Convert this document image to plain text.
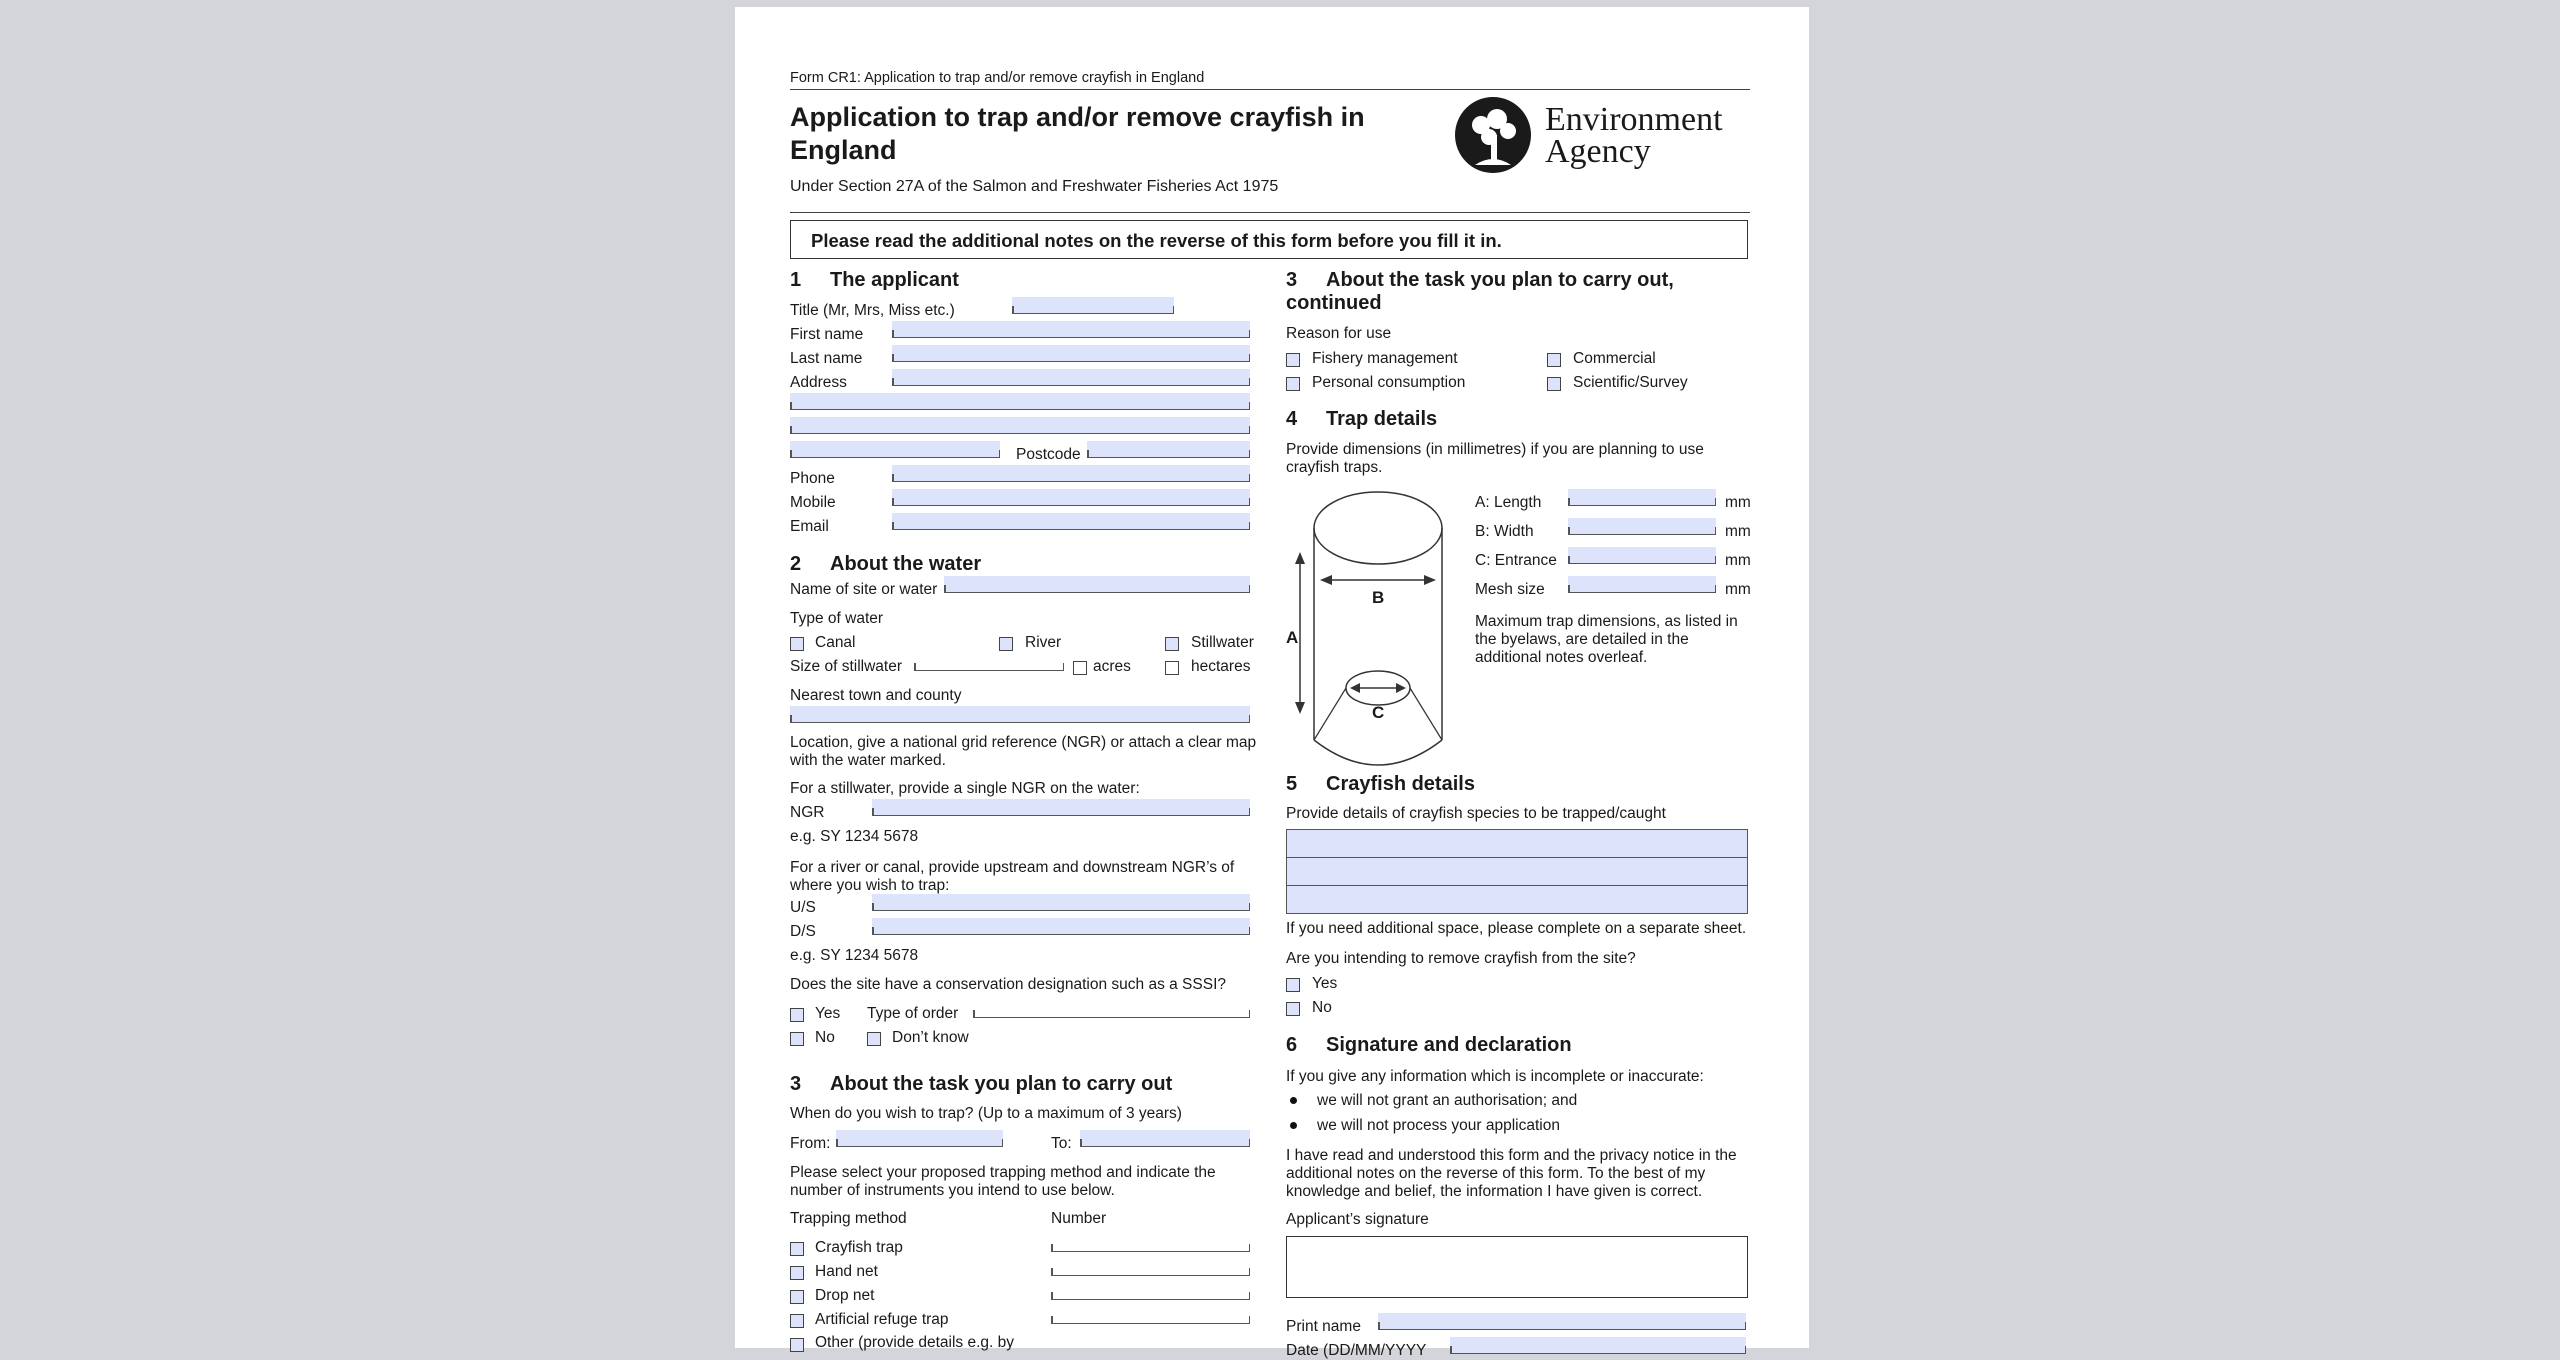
Form CR1: Application to trap and/or remove crayfish in England
Application to trap and/or remove crayfish in
England
Under Section 27A of the Salmon and Freshwater Fisheries Act 1975
Environment
Agency
Please read the additional notes on the reverse of this form before you fill it in.
1 The applicant
Title (Mr, Mrs, Miss etc.)
First name
Last name
Address
Postcode
Phone
Mobile
Email
2 About the water
Name of site or water
Type of water
Canal	River	Stillwater
Size of stillwater	acres	hectares
Nearest town and county
Location, give a national grid reference (NGR) or attach a clear map with the water marked.
For a stillwater, provide a single NGR on the water:
NGR
e.g. SY 1234 5678
For a river or canal, provide upstream and downstream NGR’s of where you wish to trap:
U/S
D/S
e.g. SY 1234 5678
Does the site have a conservation designation such as a SSSI?
Yes Type of order
No	Don’t know
3 About the task you plan to carry out
When do you wish to trap? (Up to a maximum of 3 years)
From:	To:
Please select your proposed trapping method and indicate the number of instruments you intend to use below.
Trapping method	Number
Crayfish trap
Hand net
Drop net
Artificial refuge trap
Other (provide details e.g. by
3 About the task you plan to carry out,
continued
Reason for use
Fishery management	Commercial
Personal consumption	Scientific/Survey
4 Trap details
Provide dimensions (in millimetres) if you are planning to use crayfish traps.
A
B
C
A: Length	mm
B: Width	mm
C: Entrance	mm
Mesh size	mm
Maximum trap dimensions, as listed in the byelaws, are detailed in the additional notes overleaf.
5 Crayfish details
Provide details of crayfish species to be trapped/caught
If you need additional space, please complete on a separate sheet.
Are you intending to remove crayfish from the site?
Yes
No
6 Signature and declaration
If you give any information which is incomplete or inaccurate:
we will not grant an authorisation; and
we will not process your application
I have read and understood this form and the privacy notice in the additional notes on the reverse of this form. To the best of my knowledge and belief, the information I have given is correct.
Applicant’s signature
Print name
Date (DD/MM/YYYY
